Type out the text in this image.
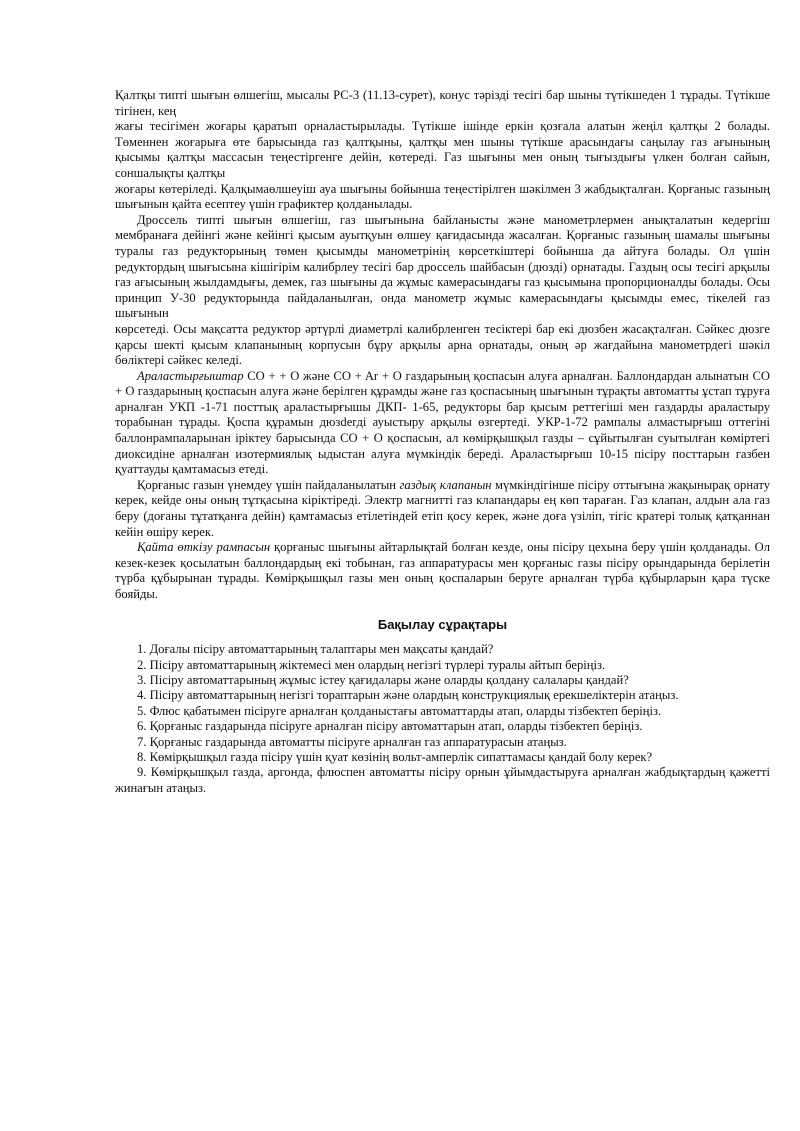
Қалтқы типті шығын өлшегіш, мысалы РС-3 (11.13-сурет), конус тәрізді тесігі бар шыны түтікшеден 1 тұрады. Түтікше тігінен, кең

жағы тесігімен жоғары қаратып орналастырылады. Түтікше ішінде еркін қозғала алатын жеңіл қалтқы 2 болады. Төменнен жоғарыға өте барысында газ қалтқыны, қалтқы мен шыны түтікше арасындағы саңылау газ ағынының қысымы қалтқы массасын теңестіргенге дейін, көтереді. Газ шығыны мен оның тығыздығы үлкен болған сайын, соншалықты қалтқы

жоғары көтеріледі. Қалқымаөлшеуіш ауа шығыны бойынша теңестірілген шәкілмен 3 жабдықталған. Қорғаныс газының шығынын қайта есептеу үшін графиктер қолданылады.

Дроссель типті шығын өлшегіш, газ шығынына байланысты және манометрлермен анықталатын кедергіш мембранаға дейінгі және кейінгі қысым ауытқуын өлшеу қағидасында жасалған. Қорғаныс газының шамалы шығыны туралы газ редукторының төмен қысымды манометрінің көрсеткіштері бойынша да айтуға болады. Ол үшін редуктордың шығысына кішігірім калибрлеу тесігі бар дроссель шайбасын (дюзді) орнатады. Газдың осы тесігі арқылы газ ағысының жылдамдығы, демек, газ шығыны да жұмыс камерасындағы газ қысымына пропорционалды болады. Осы принцип У-30 редукторында пайдаланылған, онда манометр жұмыс камерасындағы қысымды емес, тікелей газ шығынын

көрсетеді. Осы мақсатта редуктор әртүрлі диаметрлі калибрленген тесіктері бар екі дюзбен жасақталған. Сәйкес дюзге қарсы шекті қысым клапанының корпусын бұру арқылы арна орнатады, оның әр жағдайына манометрдегі шәкіл бөліктері сәйкес келеді.

Араластырғыштар CO + + O және CO + Ar + O газдарының қоспасын алуға арналған. Баллондардан алынатын CO + O газдарының қоспасын алуға және берілген құрамды және газ қоспасының шығынын тұрақты автоматты ұстап тұруға арналған УКП -1-71 посттық араластырғышы ДКП- 1-65, редукторы бар қысым реттегіші мен газдарды араластыру торабынан тұрады. Қоспа құрамын дюзderді ауыстыру арқылы өзгертеді. УКР-1-72 рампалы алмастырғыш оттегінi баллонрампаларынан іріктеу барысында CO + O қоспасын, ал көмірқышқыл газды – сұйытылған суытылған көміртегі диоксидіне арналған изотермиялық ыдыстан алуға мүмкіндік береді. Араластырғыш 10-15 пісіру посттарын газбен қуаттауды қамтамасыз етеді.

Қорғаныс газын үнемдеу үшін пайдаланылатын газдық клапанын мүмкіндігінше пісіру оттығына жақынырақ орнату керек, кейде оны оның тұтқасына кірiктіреді. Электр магнитті газ клапандары ең көп тараған. Газ клапан, алдын ала газ беру (доғаны тұтатқанға дейін) қамтамасыз етілетiндей етіп қосу керек, және доға үзіліп, тігіс кратері толық қатқаннан кейін өшіру керек.

Қайта өткізу рампасын қорғаныс шығыны айтарлықтай болған кезде, оны пісіру цехына беру үшін қолданады. Ол кезек-кезек қосылатын баллондардың екі тобынан, газ аппаратурасы мен қорғаныс газы пісіру орындарында берілетін түрба құбырынан тұрады. Көмірқышқыл газы мен оның қоспаларын беруге арналған түрба құбырларын қара түске бояйды.

Бақылау сұрақтары

1. Доғалы пісіру автоматтарының талаптары мен мақсаты қандай?

2. Пісіру автоматтарының жіктемесі мен олардың негізгі түрлері туралы айтып беріңіз.

3. Пісіру автоматтарының жұмыс істеу қағидалары және оларды қолдану салалары қандай?

4. Пісіру автоматтарының негізгі тораптарын және олардың конструкциялық ерекшеліктерін атаңыз.

5. Флюс қабатымен пісіруге арналған қолданыстағы автоматтарды атап, оларды тізбектеп беріңіз.

6. Қорғаныс газдарында пісіруге арналған пісіру автоматтарын атап, оларды тізбектеп беріңіз.

7. Қорғаныс газдарында автоматты пісіруге арналған газ аппаратурасын атаңыз.

8. Көмірқышқыл газда пісіру үшін қуат көзінің вольт-амперлік сипаттамасы қандай болу керек?

9. Көмірқышқыл газда, аргонда, флюспен автоматты пісіру орнын ұйымдастыруға арналған жабдықтардың қажетті жинағын атаңыз.
